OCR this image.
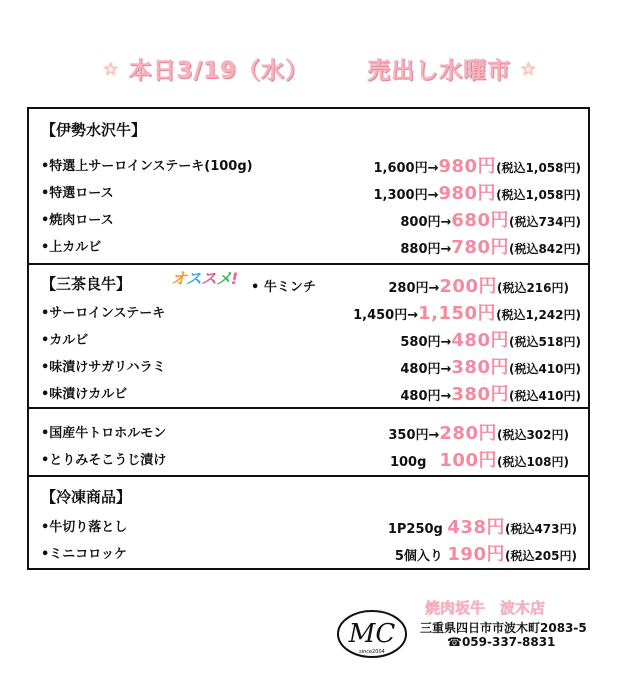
☆ 本日3/19（水）	売出し水曜市 ☆
【伊勢水沢牛】
•特選上サーロインステーキ(100g)	1,600円→980円(税込1,058円)
•特選ロース	1,300円→980円(税込1,058円)
•焼肉ロース	800円→680円(税込734円)
•上カルビ	880円→780円(税込842円)
【三茶良牛】 オススメ! • 牛ミンチ	280円→200円(税込216円)
•サーロインステーキ	1,450円→1,150円(税込1,242円)
•カルビ	580円→480円(税込518円)
•味漬けサガリハラミ	480円→380円(税込410円)
•味漬けカルビ	480円→380円(税込410円)
•国産牛トロホルモン	350円→280円(税込302円)
•とりみそこうじ漬け	100g　100円(税込108円)
【冷凍商品】
•牛切り落とし	1P250g 438円(税込473円)
•ミニコロッケ	5個入り 190円(税込205円)
MC
since2004
焼肉坂牛　波木店
三重県四日市市波木町2083-5
☎059-337-8831
